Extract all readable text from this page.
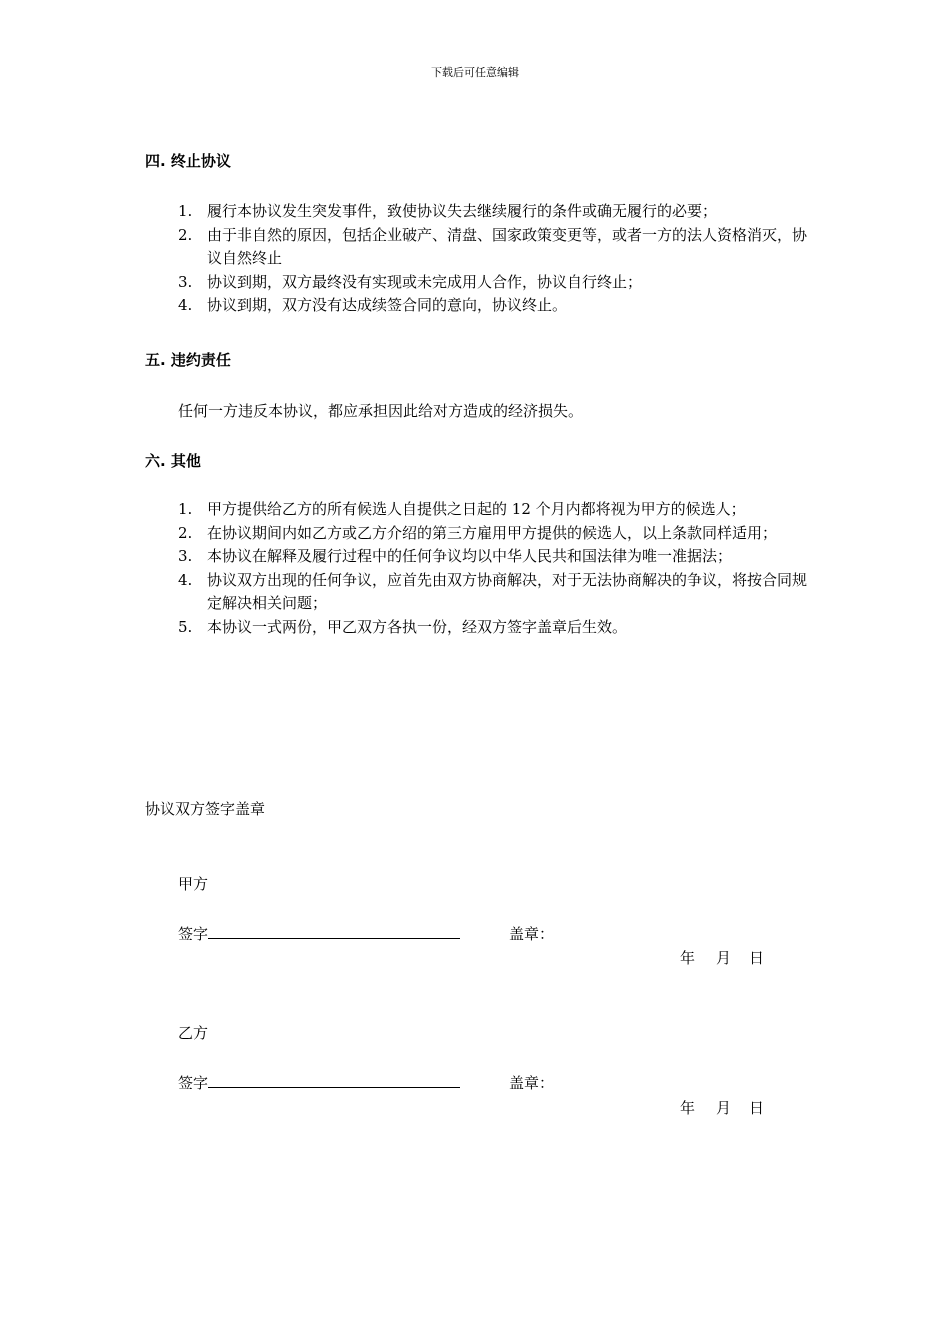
下载后可任意编辑
四. 终止协议
1. 履行本协议发生突发事件，致使协议失去继续履行的条件或确无履行的必要；
2. 由于非自然的原因，包括企业破产、清盘、国家政策变更等，或者一方的法人资格消灭，协议自然终止
3. 协议到期，双方最终没有实现或未完成用人合作，协议自行终止；
4. 协议到期，双方没有达成续签合同的意向，协议终止。
五. 违约责任
任何一方违反本协议，都应承担因此给对方造成的经济损失。
六. 其他
1. 甲方提供给乙方的所有候选人自提供之日起的 12 个月内都将视为甲方的候选人；
2. 在协议期间内如乙方或乙方介绍的第三方雇用甲方提供的候选人，以上条款同样适用；
3. 本协议在解释及履行过程中的任何争议均以中华人民共和国法律为唯一准据法；
4. 协议双方出现的任何争议，应首先由双方协商解决，对于无法协商解决的争议，将按合同规定解决相关问题；
5. 本协议一式两份，甲乙双方各执一份，经双方签字盖章后生效。
协议双方签字盖章
甲方
签字	盖章：
年 月 日
乙方
签字	盖章：
年 月 日
